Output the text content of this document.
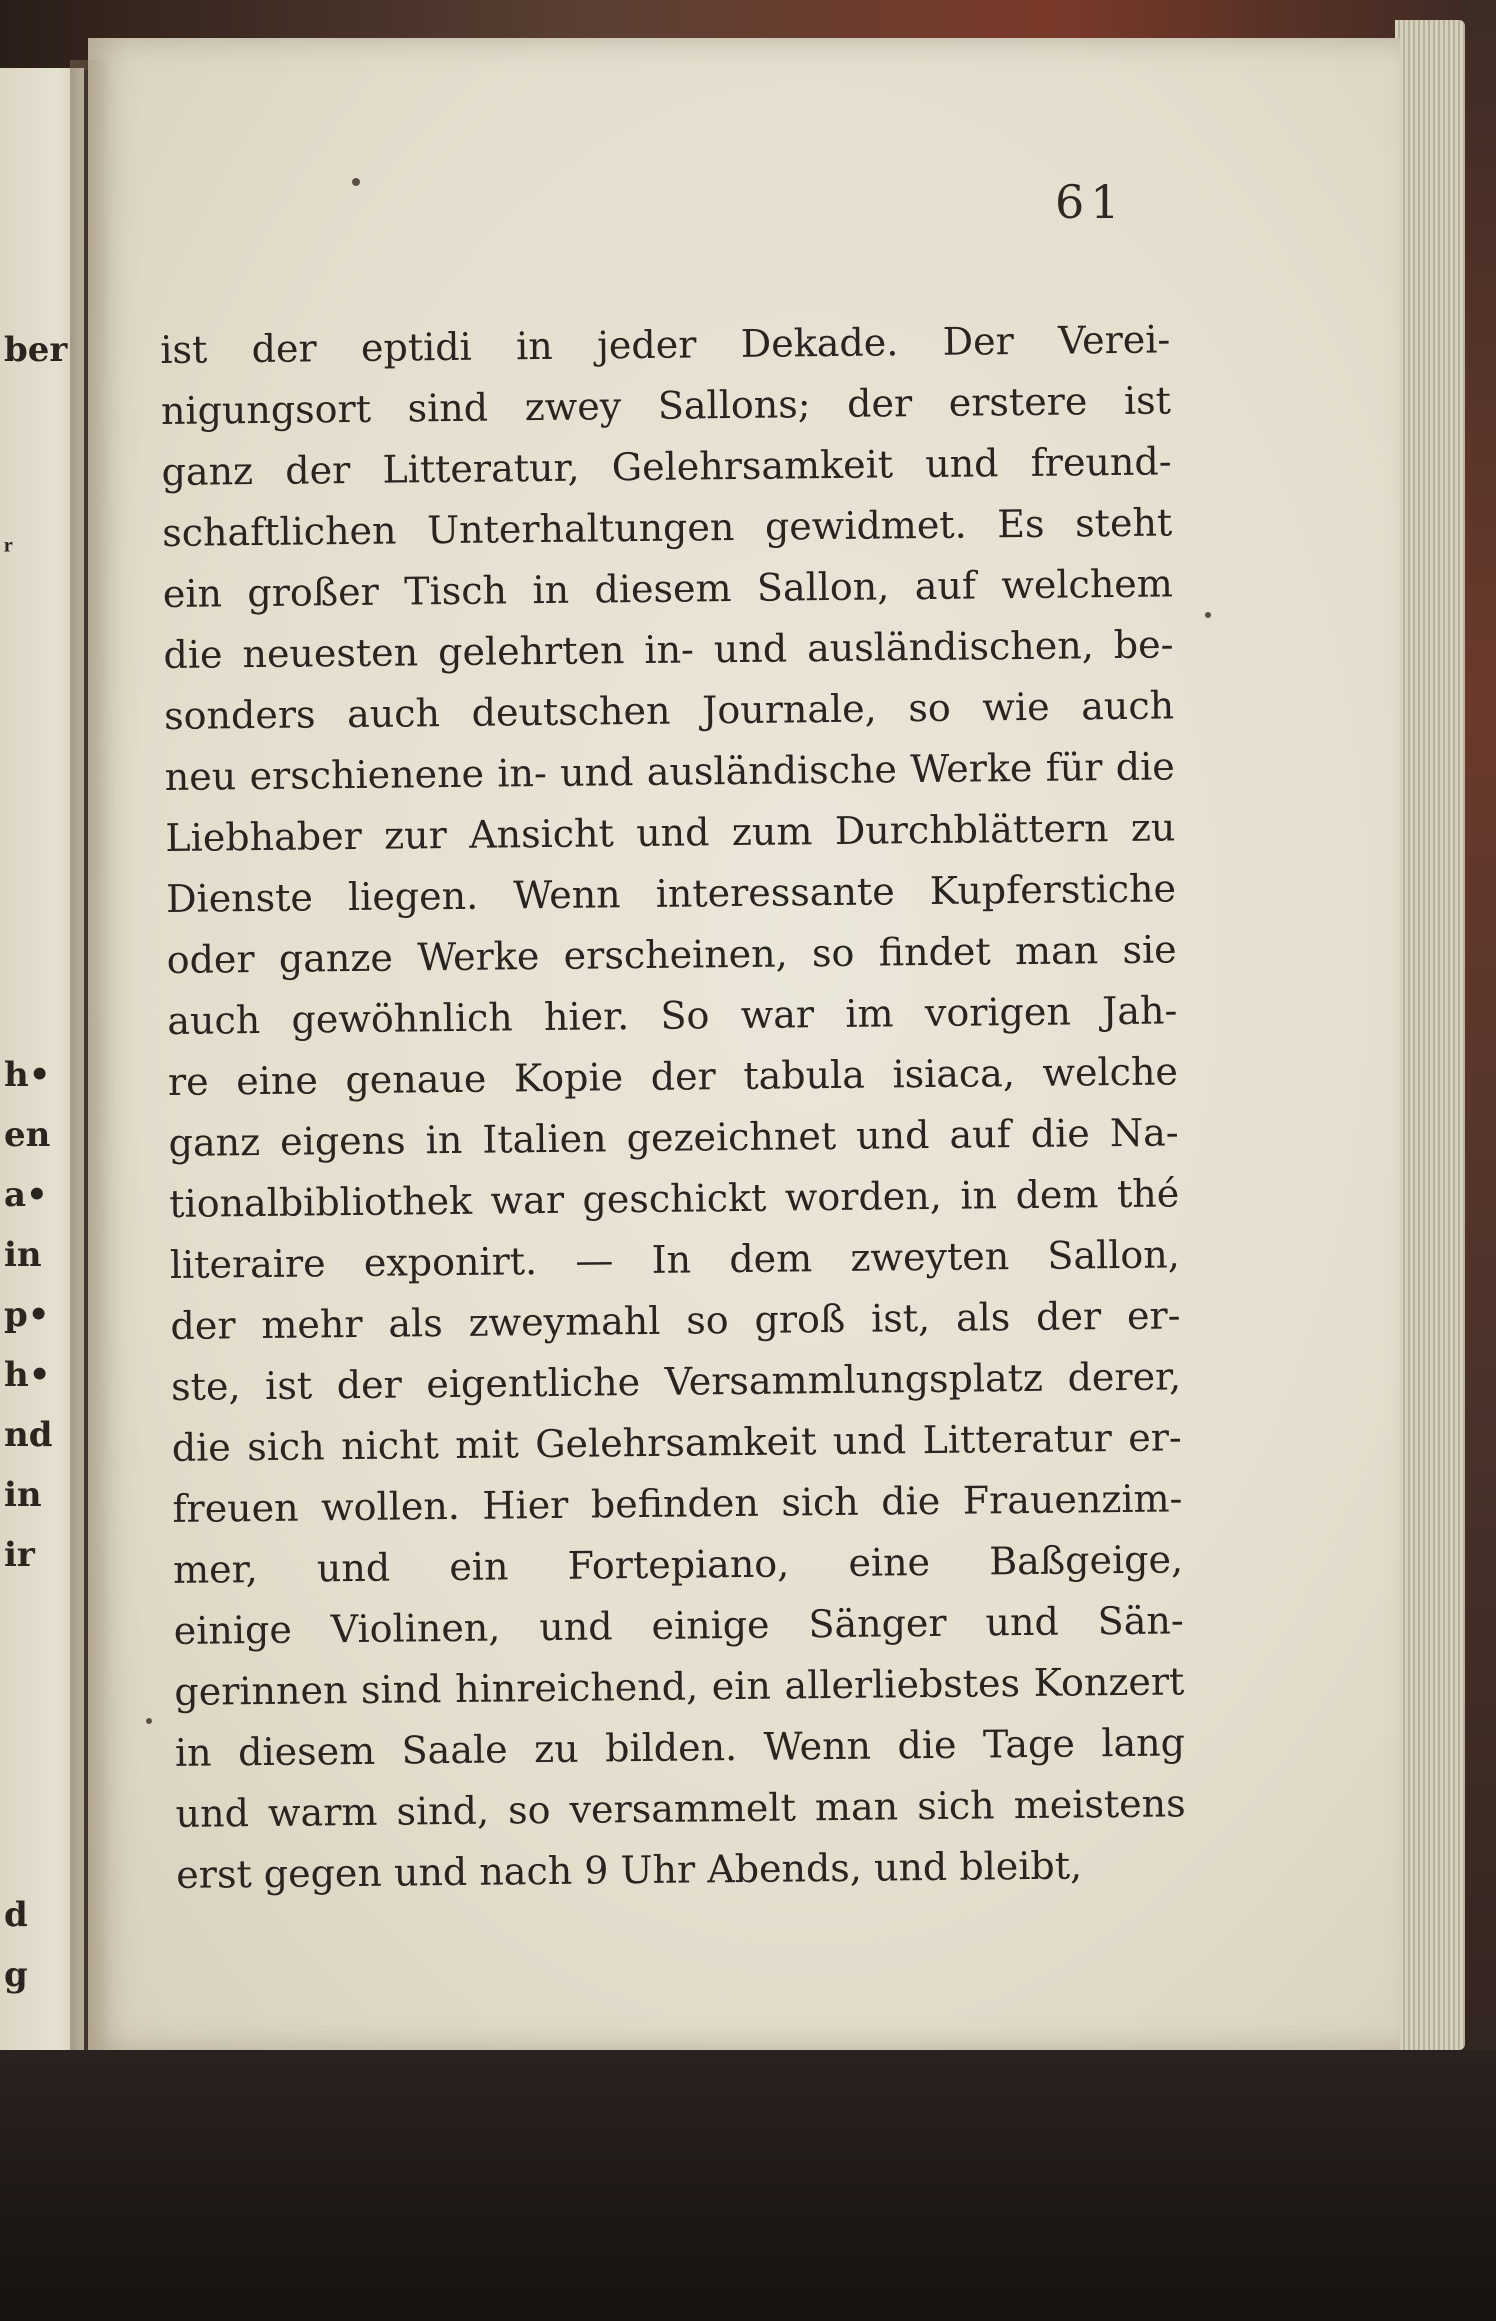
ber
ͬ
h•
en
a•
in
p•
h•
nd
in
ir
d
g
61
ist der eptidi in jeder Dekade. Der Verei-
nigungsort sind zwey Sallons; der erstere ist
ganz der Litteratur, Gelehrsamkeit und freund-
schaftlichen Unterhaltungen gewidmet. Es steht
ein großer Tisch in diesem Sallon, auf welchem
die neuesten gelehrten in- und ausländischen, be-
sonders auch deutschen Journale, so wie auch
neu erschienene in- und ausländische Werke für die
Liebhaber zur Ansicht und zum Durchblättern zu
Dienste liegen. Wenn interessante Kupferstiche
oder ganze Werke erscheinen, so findet man sie
auch gewöhnlich hier. So war im vorigen Jah-
re eine genaue Kopie der tabula isiaca, welche
ganz eigens in Italien gezeichnet und auf die Na-
tionalbibliothek war geschickt worden, in dem thé
literaire exponirt. — In dem zweyten Sallon,
der mehr als zweymahl so groß ist, als der er-
ste, ist der eigentliche Versammlungsplatz derer,
die sich nicht mit Gelehrsamkeit und Litteratur er-
freuen wollen. Hier befinden sich die Frauenzim-
mer, und ein Fortepiano, eine Baßgeige,
einige Violinen, und einige Sänger und Sän-
gerinnen sind hinreichend, ein allerliebstes Konzert
in diesem Saale zu bilden. Wenn die Tage lang
und warm sind, so versammelt man sich meistens
erst gegen und nach 9 Uhr Abends, und bleibt,
